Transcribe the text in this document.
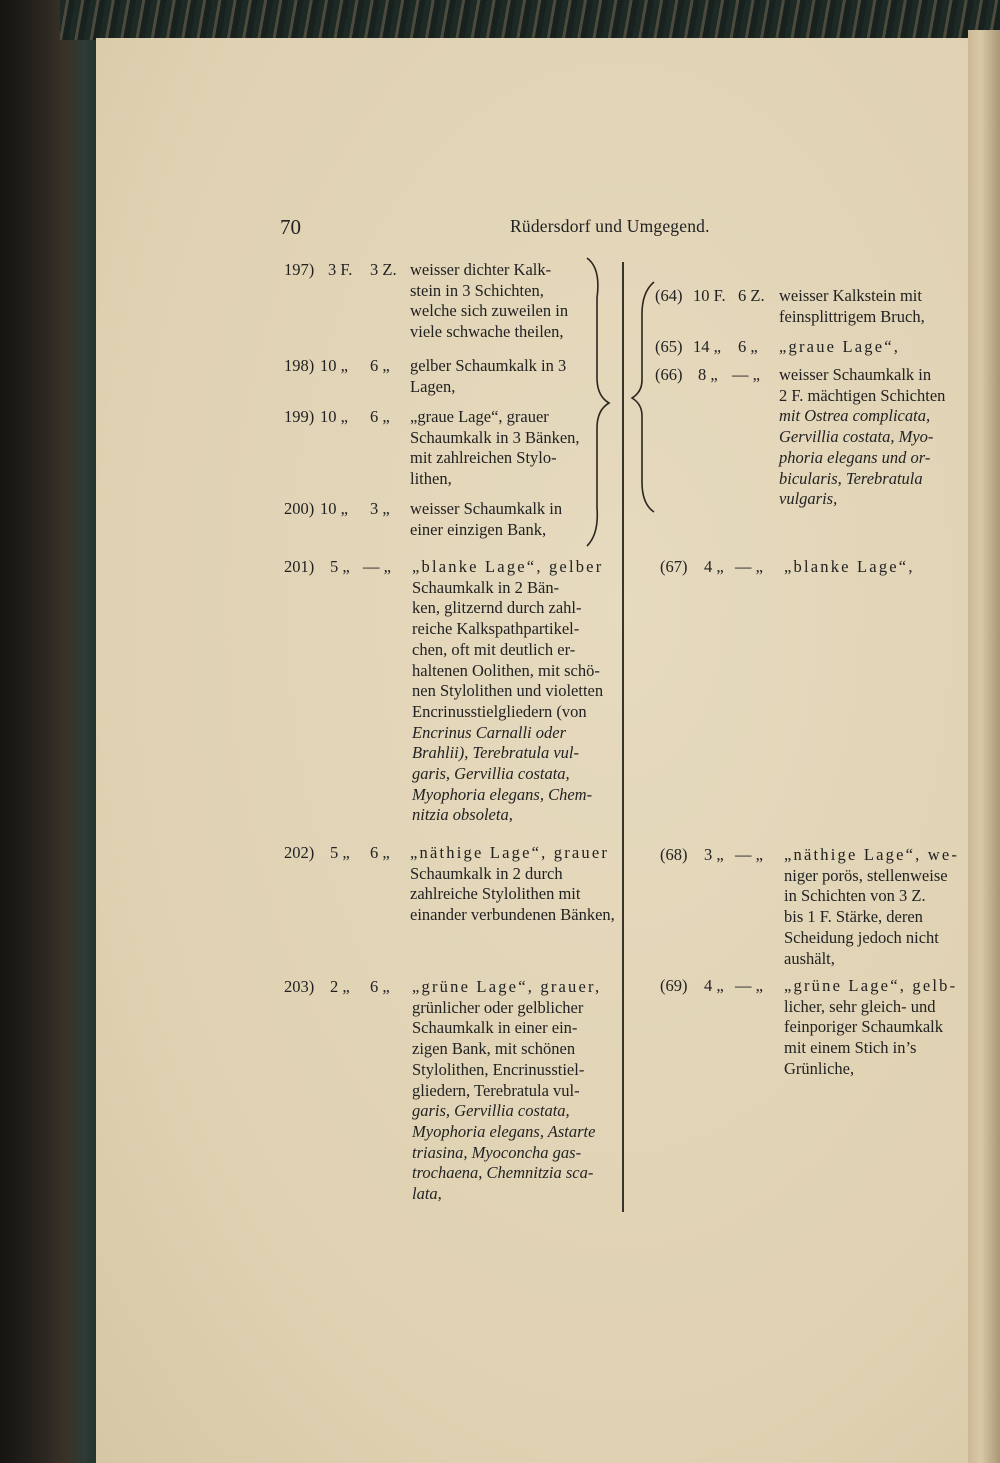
70	Rüdersdorf und Umgegend.
197) 3 F. 3 Z. weisser dichter Kalk-
stein in 3 Schichten,
welche sich zuweilen in
viele schwache theilen,
198) 10 „ 6 „ gelber Schaumkalk in 3
Lagen,
199) 10 „ 6 „ „graue Lage“, grauer
Schaumkalk in 3 Bänken,
mit zahlreichen Stylo-
lithen,
200) 10 „ 3 „ weisser Schaumkalk in
einer einzigen Bank,
201) 5 „ — „ „blanke Lage“, gelber
Schaumkalk in 2 Bän-
ken, glitzernd durch zahl-
reiche Kalkspathpartikel-
chen, oft mit deutlich er-
haltenen Oolithen, mit schö-
nen Stylolithen und violetten
Encrinusstielgliedern (von
Encrinus Carnalli oder
Brahlii), Terebratula vul-
garis, Gervillia costata,
Myophoria elegans, Chem-
nitzia obsoleta,
202) 5 „ 6 „ „näthige Lage“, grauer
Schaumkalk in 2 durch
zahlreiche Stylolithen mit
einander verbundenen Bänken,
203) 2 „ 6 „ „grüne Lage“, grauer,
grünlicher oder gelblicher
Schaumkalk in einer ein-
zigen Bank, mit schönen
Stylolithen, Encrinusstiel-
gliedern, Terebratula vul-
garis, Gervillia costata,
Myophoria elegans, Astarte
triasina, Myoconcha gas-
trochaena, Chemnitzia sca-
lata,
(64) 10 F. 6 Z. weisser Kalkstein mit
feinsplittrigem Bruch,
(65) 14 „ 6 „ „graue Lage“,
(66) 8 „ — „ weisser Schaumkalk in
2 F. mächtigen Schichten
mit Ostrea complicata,
Gervillia costata, Myo-
phoria elegans und or-
bicularis, Terebratula
vulgaris,
(67) 4 „ — „ „blanke Lage“,
(68) 3 „ — „ „näthige Lage“, we-
niger porös, stellenweise
in Schichten von 3 Z.
bis 1 F. Stärke, deren
Scheidung jedoch nicht
aushält,
(69) 4 „ — „ „grüne Lage“, gelb-
licher, sehr gleich- und
feinporiger Schaumkalk
mit einem Stich in’s
Grünliche,
